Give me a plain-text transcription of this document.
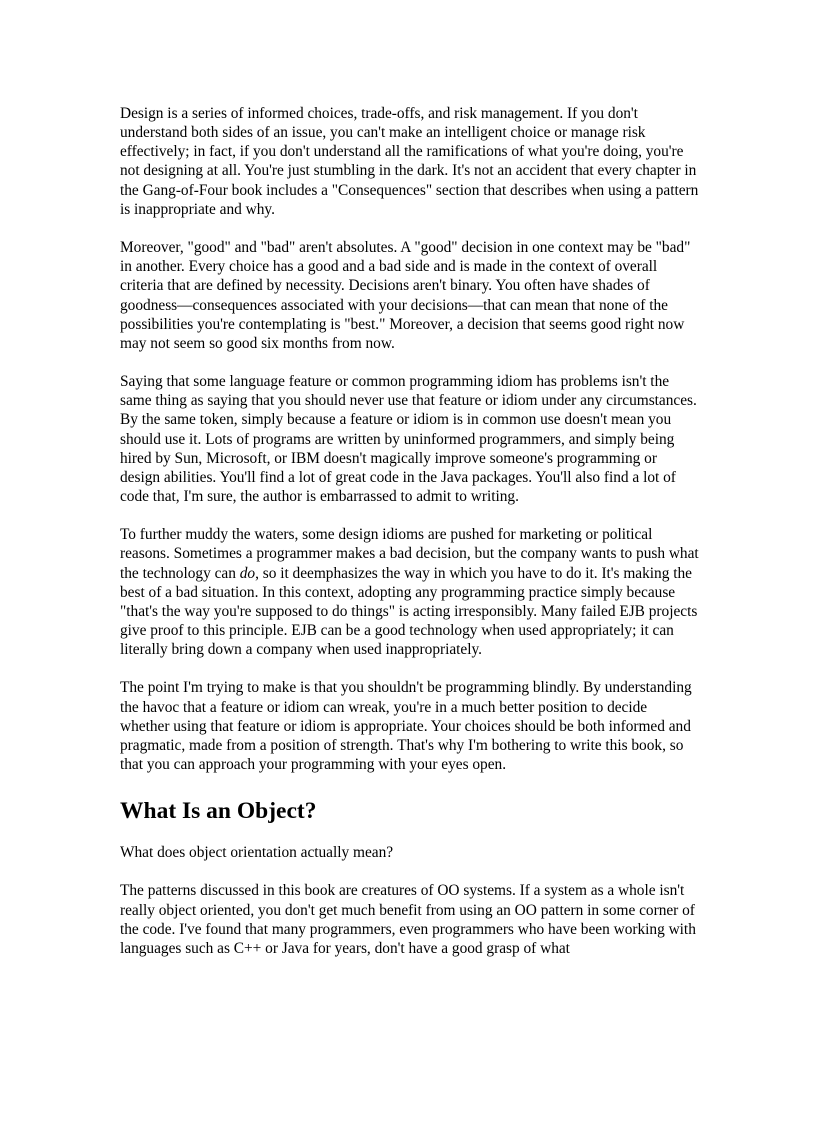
Design is a series of informed choices, trade-offs, and risk management. If you don't understand both sides of an issue, you can't make an intelligent choice or manage risk effectively; in fact, if you don't understand all the ramifications of what you're doing, you're not designing at all. You're just stumbling in the dark. It's not an accident that every chapter in the Gang-of-Four book includes a "Consequences" section that describes when using a pattern is inappropriate and why.

Moreover, "good" and "bad" aren't absolutes. A "good" decision in one context may be "bad" in another. Every choice has a good and a bad side and is made in the context of overall criteria that are defined by necessity. Decisions aren't binary. You often have shades of goodness—consequences associated with your decisions—that can mean that none of the possibilities you're contemplating is "best." Moreover, a decision that seems good right now may not seem so good six months from now.

Saying that some language feature or common programming idiom has problems isn't the same thing as saying that you should never use that feature or idiom under any circumstances. By the same token, simply because a feature or idiom is in common use doesn't mean you should use it. Lots of programs are written by uninformed programmers, and simply being hired by Sun, Microsoft, or IBM doesn't magically improve someone's programming or design abilities. You'll find a lot of great code in the Java packages. You'll also find a lot of code that, I'm sure, the author is embarrassed to admit to writing.

To further muddy the waters, some design idioms are pushed for marketing or political reasons. Sometimes a programmer makes a bad decision, but the company wants to push what the technology can do, so it deemphasizes the way in which you have to do it. It's making the best of a bad situation. In this context, adopting any programming practice simply because "that's the way you're supposed to do things" is acting irresponsibly. Many failed EJB projects give proof to this principle. EJB can be a good technology when used appropriately; it can literally bring down a company when used inappropriately.

The point I'm trying to make is that you shouldn't be programming blindly. By understanding the havoc that a feature or idiom can wreak, you're in a much better position to decide whether using that feature or idiom is appropriate. Your choices should be both informed and pragmatic, made from a position of strength. That's why I'm bothering to write this book, so that you can approach your programming with your eyes open.

What Is an Object?

What does object orientation actually mean?

The patterns discussed in this book are creatures of OO systems. If a system as a whole isn't really object oriented, you don't get much benefit from using an OO pattern in some corner of the code. I've found that many programmers, even programmers who have been working with languages such as C++ or Java for years, don't have a good grasp of what
